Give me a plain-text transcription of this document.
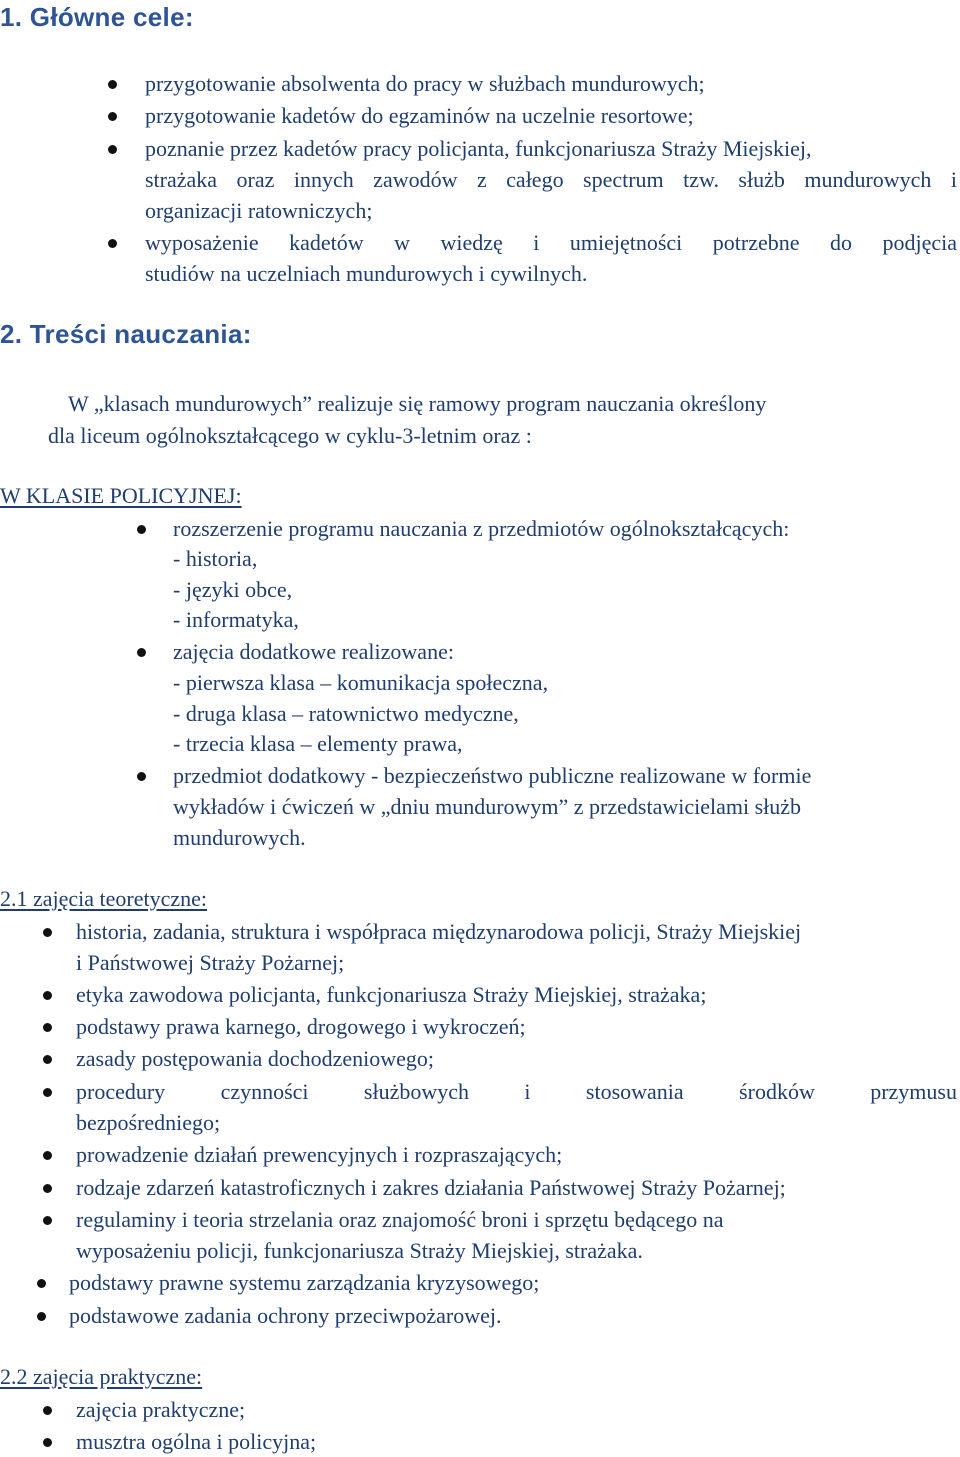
1. Główne cele:
przygotowanie absolwenta do pracy w służbach mundurowych;
przygotowanie kadetów do egzaminów na uczelnie resortowe;
poznanie przez kadetów pracy policjanta, funkcjonariusza Straży Miejskiej,
strażaka oraz innych zawodów z całego spectrum tzw. służb mundurowych i
organizacji ratowniczych;
wyposażenie kadetów w wiedzę i umiejętności potrzebne do podjęcia
studiów na uczelniach mundurowych i cywilnych.
2. Treści nauczania:
W „klasach mundurowych” realizuje się ramowy program nauczania określony
dla liceum ogólnokształcącego w cyklu-3-letnim oraz :
W KLASIE POLICYJNEJ:
rozszerzenie programu nauczania z przedmiotów ogólnokształcących:
- historia,
- języki obce,
- informatyka,
zajęcia dodatkowe realizowane:
- pierwsza klasa – komunikacja społeczna,
- druga klasa – ratownictwo medyczne,
- trzecia klasa – elementy prawa,
przedmiot dodatkowy - bezpieczeństwo publiczne realizowane w formie
wykładów i ćwiczeń w „dniu mundurowym” z przedstawicielami służb
mundurowych.
2.1 zajęcia teoretyczne:
historia, zadania, struktura i współpraca międzynarodowa policji, Straży Miejskiej
i Państwowej Straży Pożarnej;
etyka zawodowa policjanta, funkcjonariusza Straży Miejskiej, strażaka;
podstawy prawa karnego, drogowego i wykroczeń;
zasady postępowania dochodzeniowego;
procedury czynności służbowych i stosowania środków przymusu
bezpośredniego;
prowadzenie działań prewencyjnych i rozpraszających;
rodzaje zdarzeń katastroficznych i zakres działania Państwowej Straży Pożarnej;
regulaminy i teoria strzelania oraz znajomość broni i sprzętu będącego na
wyposażeniu policji, funkcjonariusza Straży Miejskiej, strażaka.
podstawy prawne systemu zarządzania kryzysowego;
podstawowe zadania ochrony przeciwpożarowej.
2.2 zajęcia praktyczne:
zajęcia praktyczne;
musztra ogólna i policyjna;
